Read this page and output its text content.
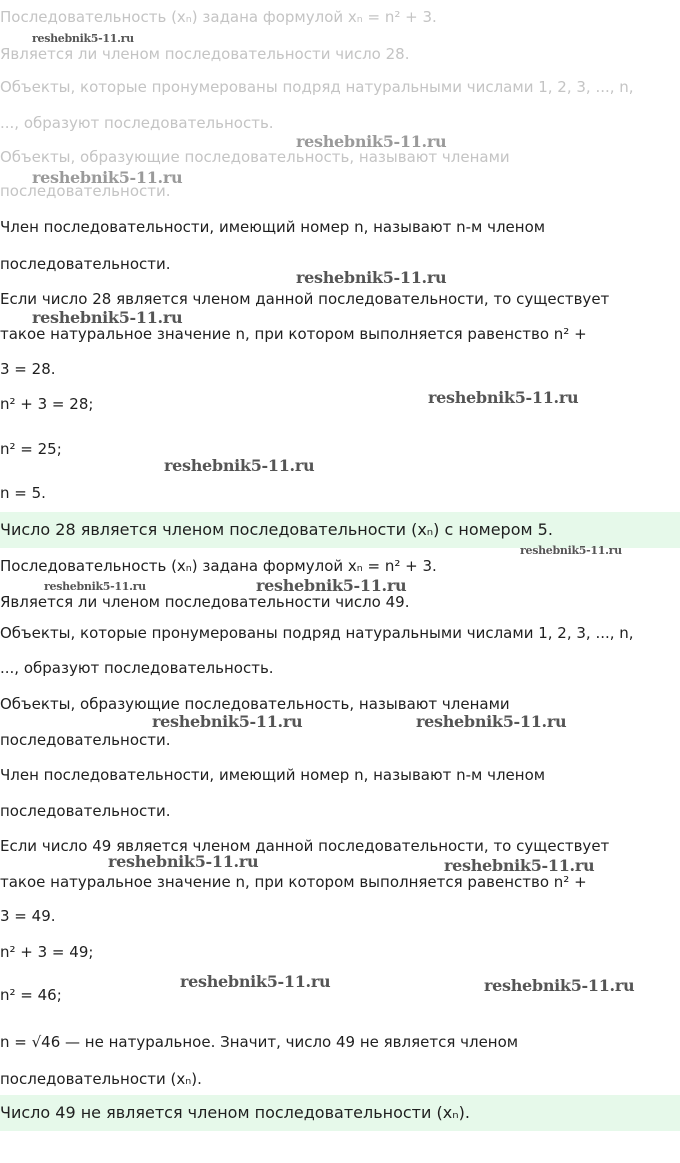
Последовательность (xₙ) задана формулой xₙ = n² + 3.
Является ли членом последовательности число 28.
Объекты, которые пронумерованы подряд натуральными числами 1, 2, 3, ..., n,
..., образуют последовательность.
Объекты, образующие последовательность, называют членами
последовательности.
Член последовательности, имеющий номер n, называют n-м членом
последовательности.
Если число 28 является членом данной последовательности, то существует
такое натуральное значение n, при котором выполняется равенство n² +
3 = 28.
n² + 3 = 28;
n² = 25;
n = 5.
Число 28 является членом последовательности (xₙ) с номером 5.
Последовательность (xₙ) задана формулой xₙ = n² + 3.
Является ли членом последовательности число 49.
Объекты, которые пронумерованы подряд натуральными числами 1, 2, 3, ..., n,
..., образуют последовательность.
Объекты, образующие последовательность, называют членами
последовательности.
Член последовательности, имеющий номер n, называют n-м членом
последовательности.
Если число 49 является членом данной последовательности, то существует
такое натуральное значение n, при котором выполняется равенство n² +
3 = 49.
n² + 3 = 49;
n² = 46;
n = √46 — не натуральное. Значит, число 49 не является членом
последовательности (xₙ).
Число 49 не является членом последовательности (xₙ).
reshebnik5-11.ru
reshebnik5-11.ru
reshebnik5-11.ru
reshebnik5-11.ru
reshebnik5-11.ru
reshebnik5-11.ru
reshebnik5-11.ru
reshebnik5-11.ru
reshebnik5-11.ru	reshebnik5-11.ru
reshebnik5-11.ru	reshebnik5-11.ru
reshebnik5-11.ru	reshebnik5-11.ru
reshebnik5-11.ru	reshebnik5-11.ru
